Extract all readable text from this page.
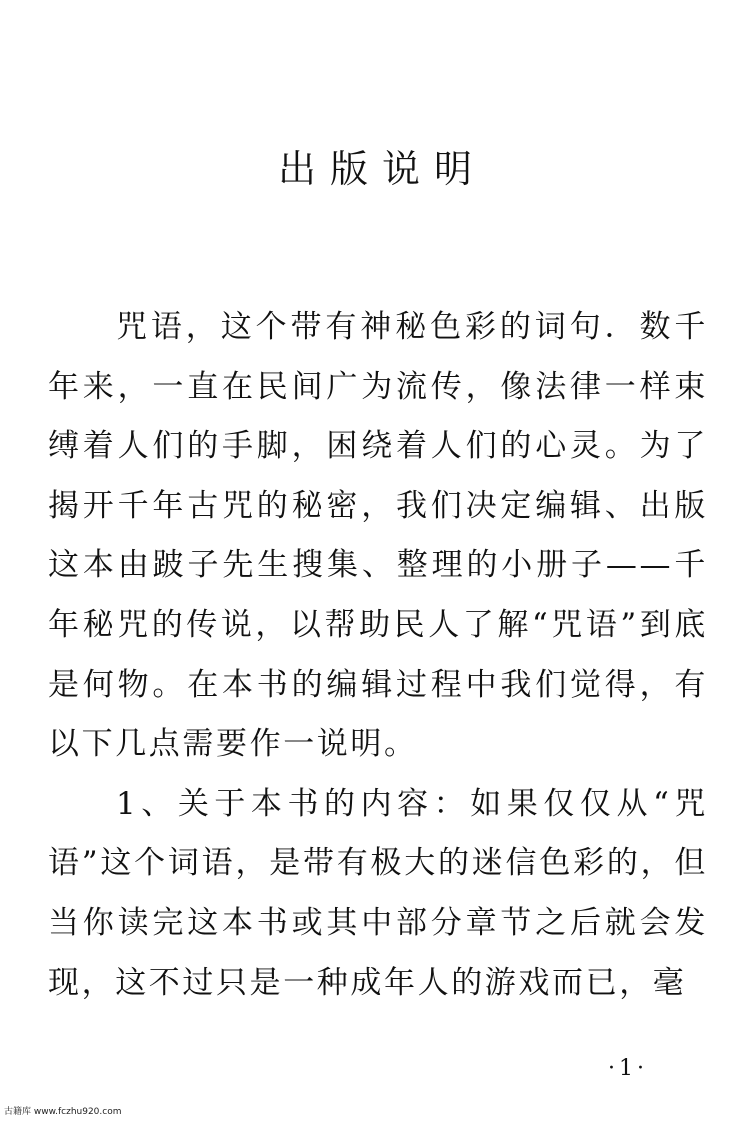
出版说明

咒语，这个带有神秘色彩的词句．数千年来，一直在民间广为流传，像法律一样束缚着人们的手脚，困绕着人们的心灵。为了揭开千年古咒的秘密，我们决定编辑、出版这本由跛子先生搜集、整理的小册子——千年秘咒的传说，以帮助民人了解“咒语”到底是何物。在本书的编辑过程中我们觉得，有以下几点需要作一说明。

1、关于本书的内容：如果仅仅从“咒语”这个词语，是带有极大的迷信色彩的，但当你读完这本书或其中部分章节之后就会发现，这不过只是一种成年人的游戏而已，毫

·1·
古籍库 www.fczhu920.com
